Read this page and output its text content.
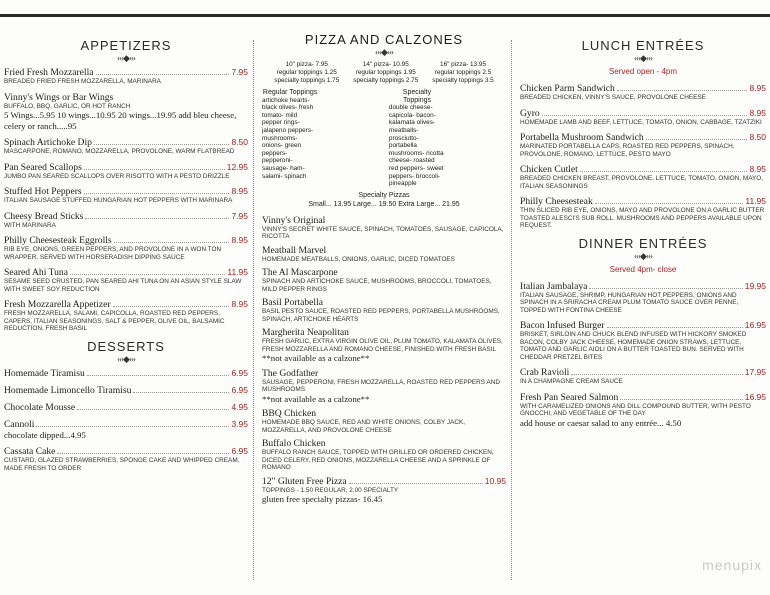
APPETIZERS
‹‹‹◆›››
Fried Fresh Mozzarella	7.95
BREADED FRIED FRESH MOZZARELLA, MARINARA
Vinny's Wings or Bar Wings
BUFFALO, BBQ, GARLIC, OR HOT RANCH
5 Wings...5.95 10 wings...10.95 20 wings...19.95 add bleu cheese, celery or ranch.....95
Spinach Artichoke Dip	8.50
MASCARPONE, ROMANO, MOZZARELLA, PROVOLONE, WARM FLATBREAD
Pan Seared Scallops	12.95
JUMBO PAN SEARED SCALLOPS OVER RISOTTO WITH A PESTO DRIZZLE
Stuffed Hot Peppers	8.95
ITALIAN SAUSAGE STUFFED HUNGARIAN HOT PEPPERS WITH MARINARA
Cheesy Bread Sticks	7.95
WITH MARINARA
Philly Cheesesteak Eggrolls	8.95
RIB EYE, ONIONS, GREEN PEPPERS, AND PROVOLONE IN A WON TON WRAPPER, SERVED WITH HORSERADISH DIPPING SAUCE
Seared Ahi Tuna	11.95
SESAME SEED CRUSTED, PAN SEARED AHI TUNA ON AN ASIAN STYLE SLAW WITH SWEET SOY REDUCTION
Fresh Mozzarella Appetizer	8.95
FRESH MOZZARELLA, SALAMI, CAPICOLLA, ROASTED RED PEPPERS, CAPERS, ITALIAN SEASONINGS, SALT & PEPPER, OLIVE OIL, BALSAMIC REDUCTION, FRESH BASIL
DESSERTS
‹‹‹◆›››
Homemade Tiramisu	6.95
Homemade Limoncello Tiramisu	6.95
Chocolate Mousse	4.95
Cannoli	3.95
chocolate dipped...4.95
Cassata Cake	6.95
CUSTARD, GLAZED STRAWBERRIES, SPONGE CAKE AND WHIPPED CREAM, MADE FRESH TO ORDER
PIZZA AND CALZONES
‹‹‹◆›››
10" pizza- 7.95
regular toppings 1.25
specialty toppings 1.75
14" pizza- 10.95
regular toppings 1.95
specialty toppings 2.75
16" pizza- 13.95
regular toppings 2.5
specialty toppings 3.5
Regular Toppings
artichoke hearts- black olives- fresh tomato- mild pepper rings- jalapeno peppers- mushrooms- onions- green peppers- pepperoni- sausage- ham- salami- spinach
Specialty Toppings
double cheese- capicola- bacon- kalamata olives- meatballs- prosciutto- portabella mushrooms- ricotta cheese- roasted red peppers- sweet peppers- broccoli- pineapple
Specialty Pizzas
Small... 13.95 Large... 19.50 Extra Large... 21.95
Vinny's Original
VINNY'S SECRET WHITE SAUCE, SPINACH, TOMATOES, SAUSAGE, CAPICOLA, RICOTTA
Meatball Marvel
HOMEMADE MEATBALLS, ONIONS, GARLIC, DICED TOMATOES
The Al Mascarpone
SPINACH AND ARTICHOKE SAUCE, MUSHROOMS, BROCCOLI, TOMATOES, MILD PEPPER RINGS
Basil Portabella
BASIL PESTO SAUCE, ROASTED RED PEPPERS, PORTABELLA MUSHROOMS, SPINACH, ARTICHOKE HEARTS
Margherita Neapolitan
FRESH GARLIC, EXTRA VIRGIN OLIVE OIL, PLUM TOMATO, KALAMATA OLIVES, FRESH MOZZARELLA AND ROMANO CHEESE, FINISHED WITH FRESH BASIL
**not available as a calzone**
The Godfather
SAUSAGE, PEPPERONI, FRESH MOZZARELLA, ROASTED RED PEPPERS AND MUSHROOMS
**not available as a calzone**
BBQ Chicken
HOMEMADE BBQ SAUCE, RED AND WHITE ONIONS, COLBY JACK, MOZZARELLA, AND PROVOLONE CHEESE
Buffalo Chicken
BUFFALO RANCH SAUCE, TOPPED WITH GRILLED OR ORDERED CHICKEN, DICED CELERY, RED ONIONS, MOZZARELLA CHEESE AND A SPRINKLE OF ROMANO
12" Gluten Free Pizza	10.95
TOPPINGS - 1.50 REGULAR, 2.00 SPECIALTY
gluten free specialty pizzas- 16.45
LUNCH ENTRÉES
‹‹‹◆›››
Served open - 4pm
Chicken Parm Sandwich	8.95
BREADED CHICKEN, VINNY'S SAUCE, PROVOLONE CHEESE
Gyro	8.95
HOMEMADE LAMB AND BEEF, LETTUCE, TOMATO, ONION, CABBAGE, TZATZIKI
Portabella Mushroom Sandwich	8.50
MARINATED PORTABELLA CAPS, ROASTED RED PEPPERS, SPINACH, PROVOLONE, ROMANO, LETTUCE, PESTO MAYO
Chicken Cutlet	8.95
BREADED CHICKEN BREAST, PROVOLONE, LETTUCE, TOMATO, ONION, MAYO, ITALIAN SEASONINGS
Philly Cheesesteak	11.95
THIN SLICED RIB EYE, ONIONS, MAYO AND PROVOLONE ON A GARLIC BUTTER TOASTED ALESCI'S SUB ROLL. MUSHROOMS AND PEPPERS AVAILABLE UPON REQUEST.
DINNER ENTRÉES
‹‹‹◆›››
Served 4pm- close
Italian Jambalaya	19.95
ITALIAN SAUSAGE, SHRIMP, HUNGARIAN HOT PEPPERS, ONIONS AND SPINACH IN A SRIRACHA CREAM PLUM TOMATO SAUCE OVER PENNE, TOPPED WITH FONTINA CHEESE
Bacon Infused Burger	16.95
BRISKET, SIRLOIN AND CHUCK BLEND INFUSED WITH HICKORY SMOKED BACON, COLBY JACK CHEESE, HOMEMADE ONION STRAWS, LETTUCE, TOMATO AND GARLIC AIOLI ON A BUTTER TOASTED BUN. SERVED WITH CHEDDAR PRETZEL BITES
Crab Ravioli	17.95
IN A CHAMPAGNE CREAM SAUCE
Fresh Pan Seared Salmon	16.95
WITH CARAMELIZED ONIONS AND DILL COMPOUND BUTTER, WITH PESTO GNOCCHI, AND VEGETABLE OF THE DAY
add house or caesar salad to any entrée... 4.50
menupix
